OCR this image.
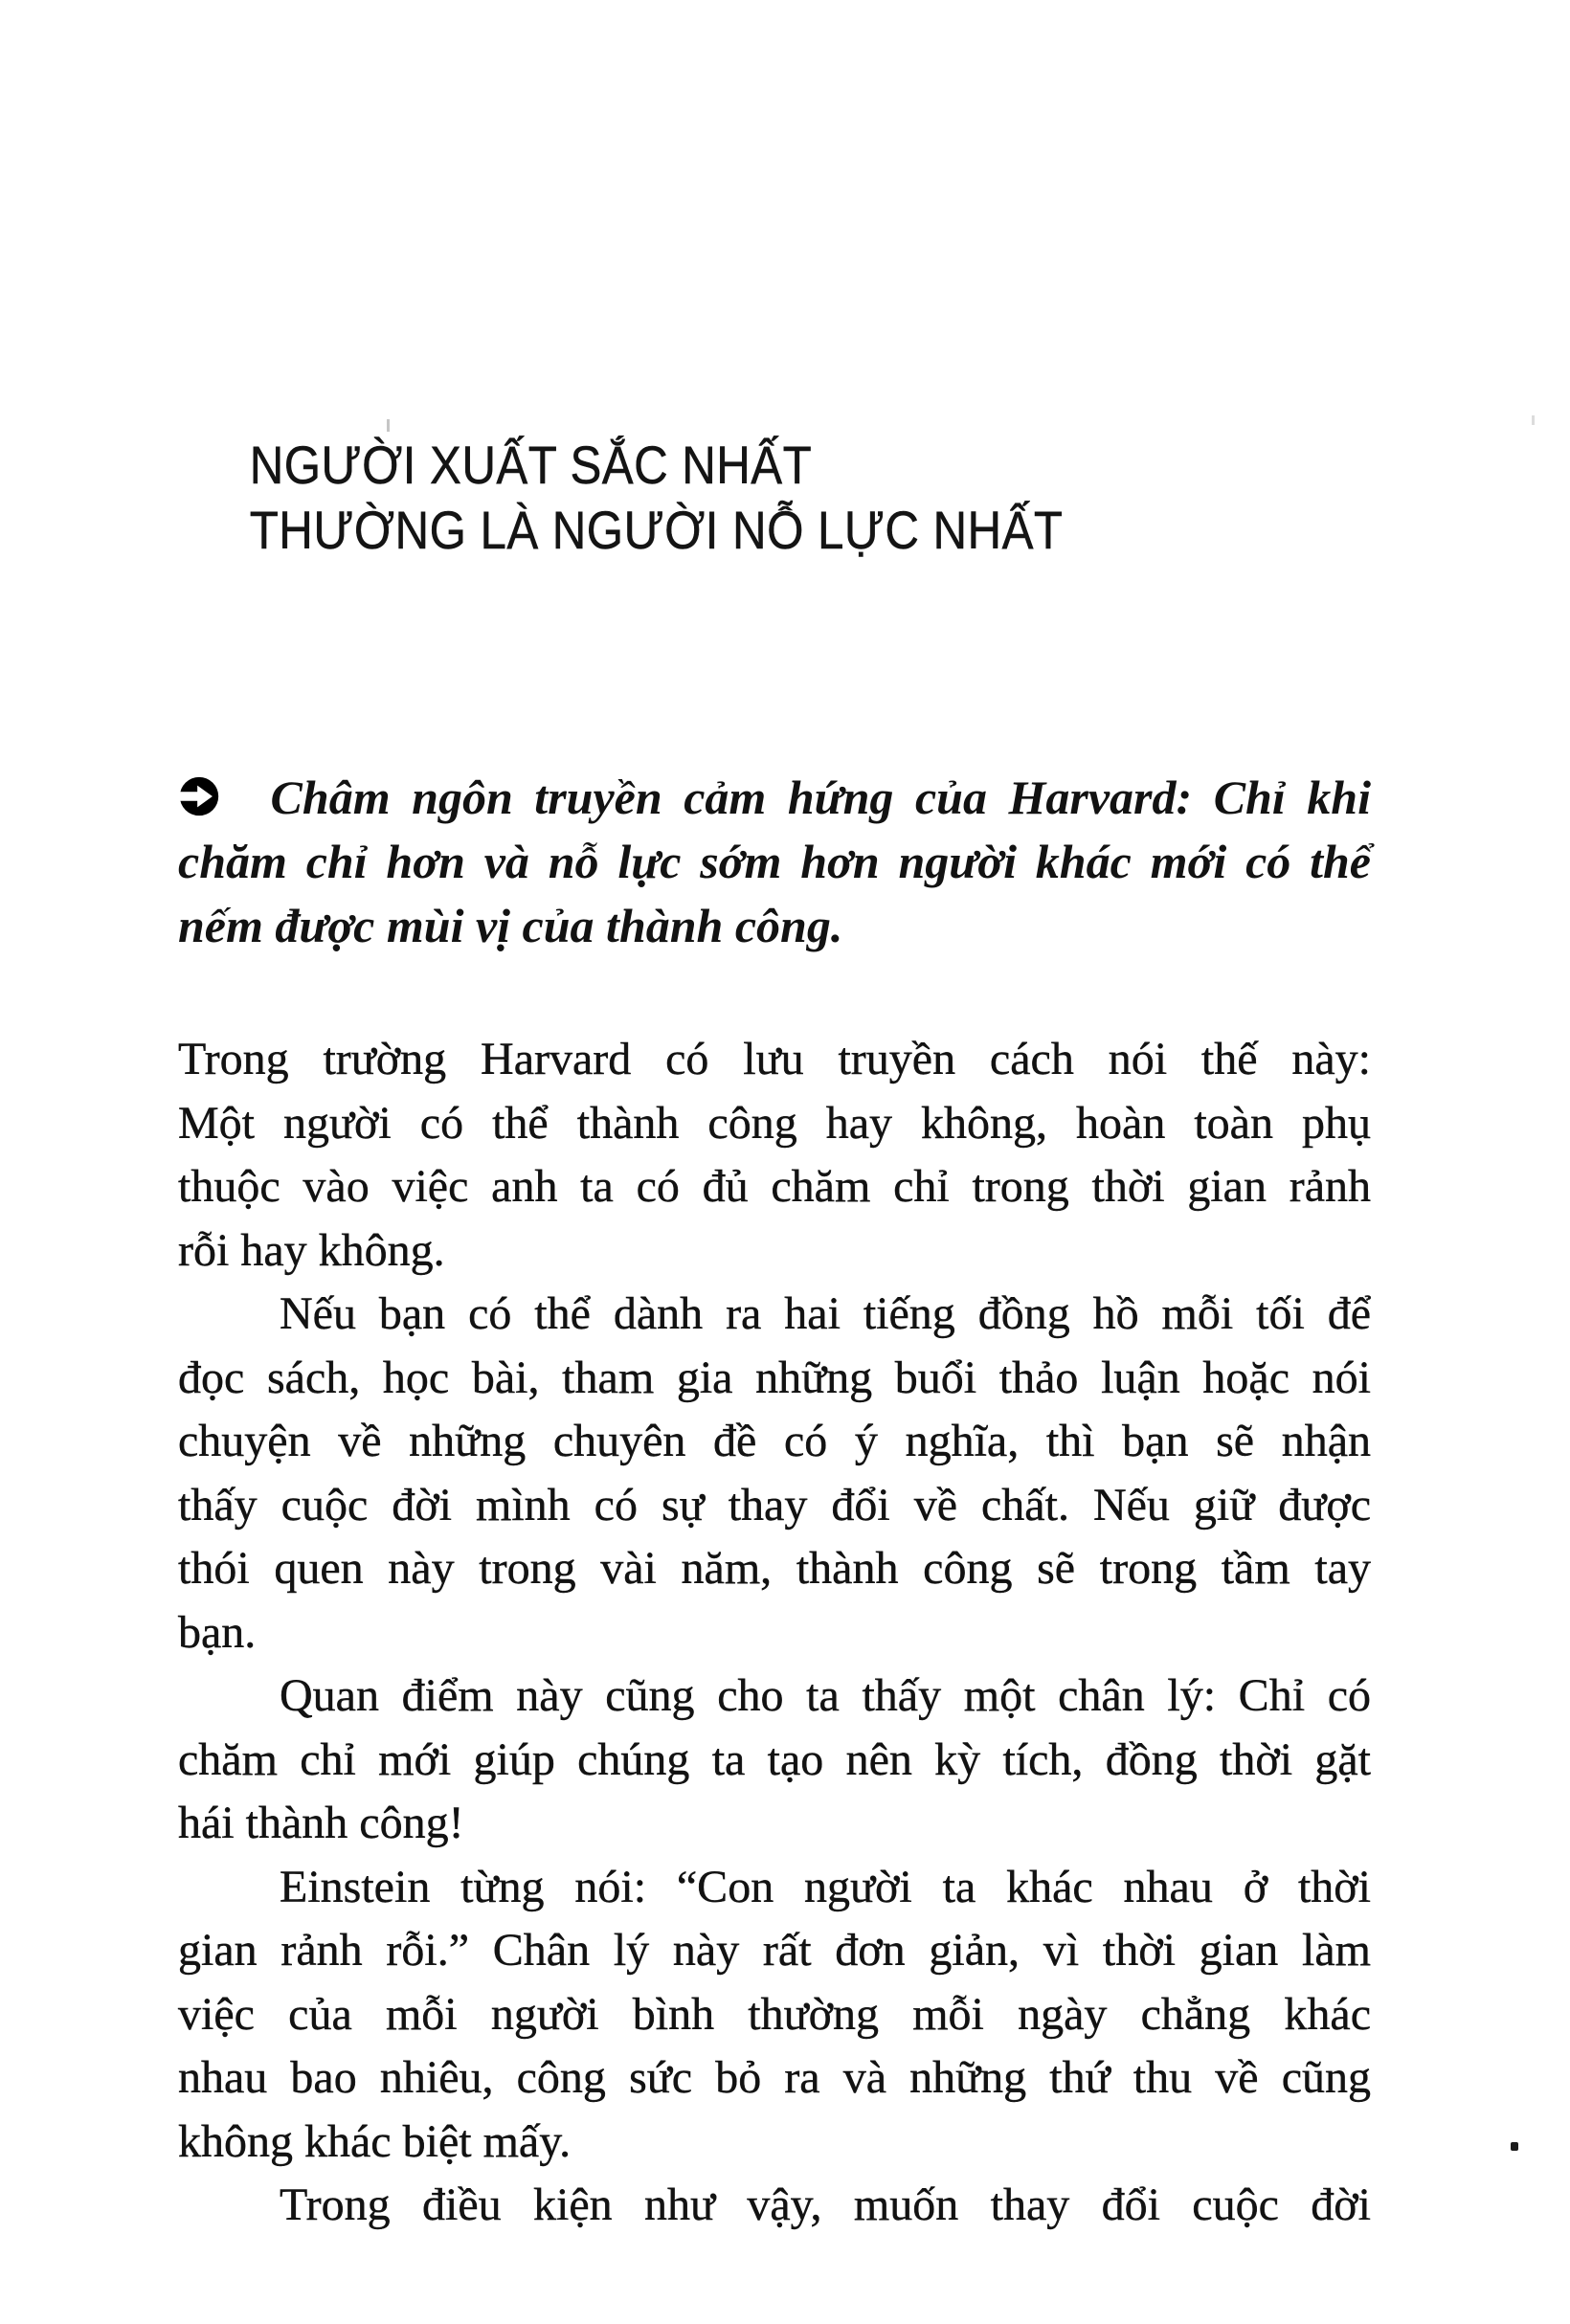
NGƯỜI XUẤT SẮC NHẤT
THƯỜNG LÀ NGƯỜI NỖ LỰC NHẤT
Châm ngôn truyền cảm hứng của Harvard: Chỉ khi
chăm chỉ hơn và nỗ lực sớm hơn người khác mới có thể
nếm được mùi vị của thành công.
Trong trường Harvard có lưu truyền cách nói thế này:
Một người có thể thành công hay không, hoàn toàn phụ
thuộc vào việc anh ta có đủ chăm chỉ trong thời gian rảnh
rỗi hay không.
Nếu bạn có thể dành ra hai tiếng đồng hồ mỗi tối để
đọc sách, học bài, tham gia những buổi thảo luận hoặc nói
chuyện về những chuyên đề có ý nghĩa, thì bạn sẽ nhận
thấy cuộc đời mình có sự thay đổi về chất. Nếu giữ được
thói quen này trong vài năm, thành công sẽ trong tầm tay
bạn.
Quan điểm này cũng cho ta thấy một chân lý: Chỉ có
chăm chỉ mới giúp chúng ta tạo nên kỳ tích, đồng thời gặt
hái thành công!
Einstein từng nói: “Con người ta khác nhau ở thời
gian rảnh rỗi.” Chân lý này rất đơn giản, vì thời gian làm
việc của mỗi người bình thường mỗi ngày chẳng khác
nhau bao nhiêu, công sức bỏ ra và những thứ thu về cũng
không khác biệt mấy.
Trong điều kiện như vậy, muốn thay đổi cuộc đời
